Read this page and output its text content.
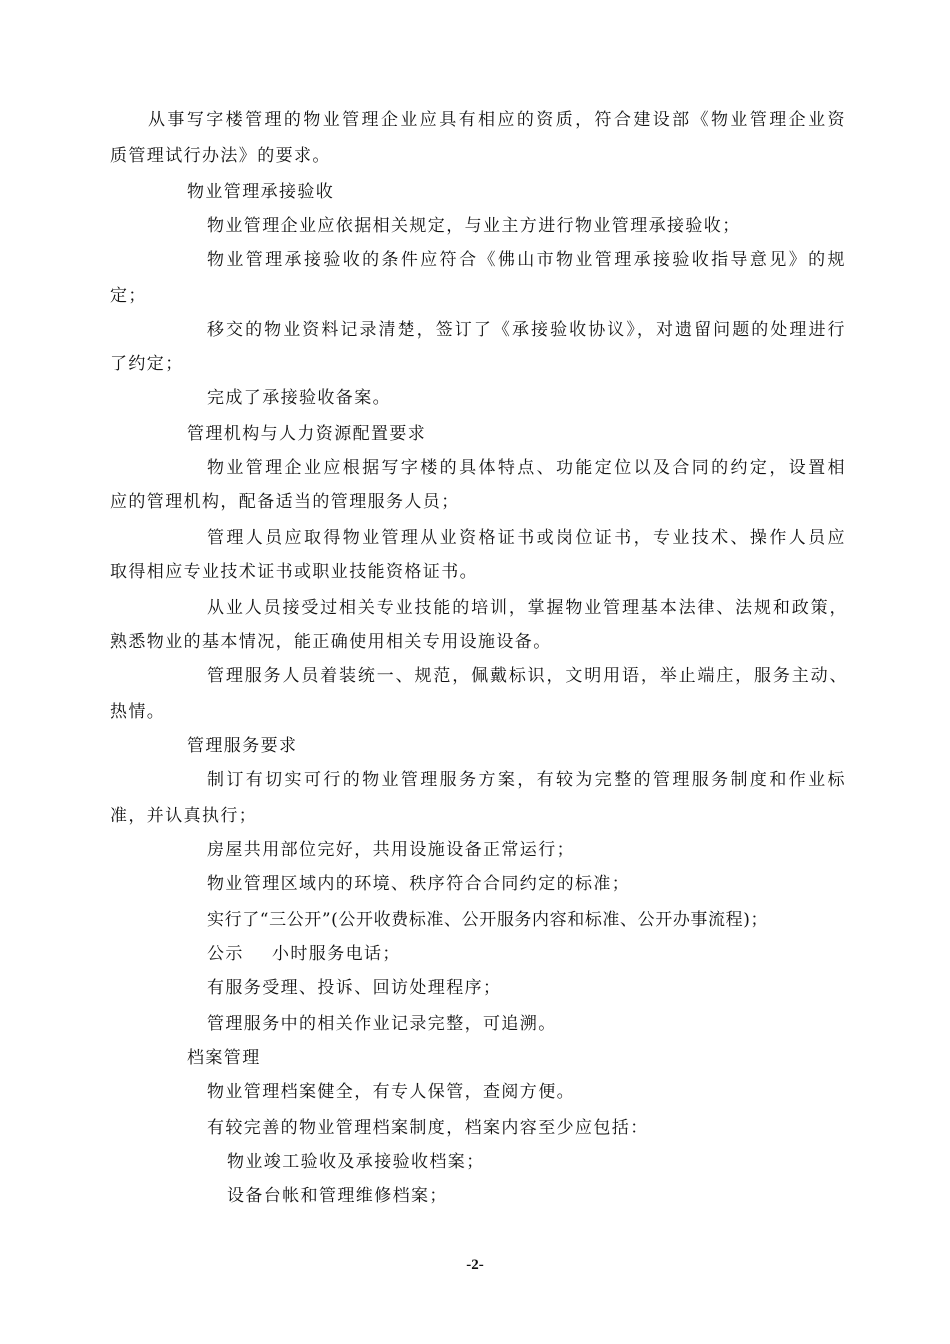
从事写字楼管理的物业管理企业应具有相应的资质，符合建设部《物业管理企业资
质管理试行办法》的要求。
物业管理承接验收
物业管理企业应依据相关规定，与业主方进行物业管理承接验收；
物业管理承接验收的条件应符合《佛山市物业管理承接验收指导意见》的规
定；
移交的物业资料记录清楚，签订了《承接验收协议》，对遗留问题的处理进行
了约定；
完成了承接验收备案。
管理机构与人力资源配置要求
物业管理企业应根据写字楼的具体特点、功能定位以及合同的约定，设置相
应的管理机构，配备适当的管理服务人员；
管理人员应取得物业管理从业资格证书或岗位证书，专业技术、操作人员应
取得相应专业技术证书或职业技能资格证书。
从业人员接受过相关专业技能的培训，掌握物业管理基本法律、法规和政策，
熟悉物业的基本情况，能正确使用相关专用设施设备。
管理服务人员着装统一、规范，佩戴标识，文明用语，举止端庄，服务主动、
热情。
管理服务要求
制订有切实可行的物业管理服务方案，有较为完整的管理服务制度和作业标
准，并认真执行；
房屋共用部位完好，共用设施设备正常运行；
物业管理区域内的环境、秩序符合合同约定的标准；
实行了“三公开”(公开收费标准、公开服务内容和标准、公开办事流程)；
公示 小时服务电话；
有服务受理、投诉、回访处理程序；
管理服务中的相关作业记录完整，可追溯。
档案管理
物业管理档案健全，有专人保管，查阅方便。
有较完善的物业管理档案制度，档案内容至少应包括：
物业竣工验收及承接验收档案；
设备台帐和管理维修档案；
-2-
